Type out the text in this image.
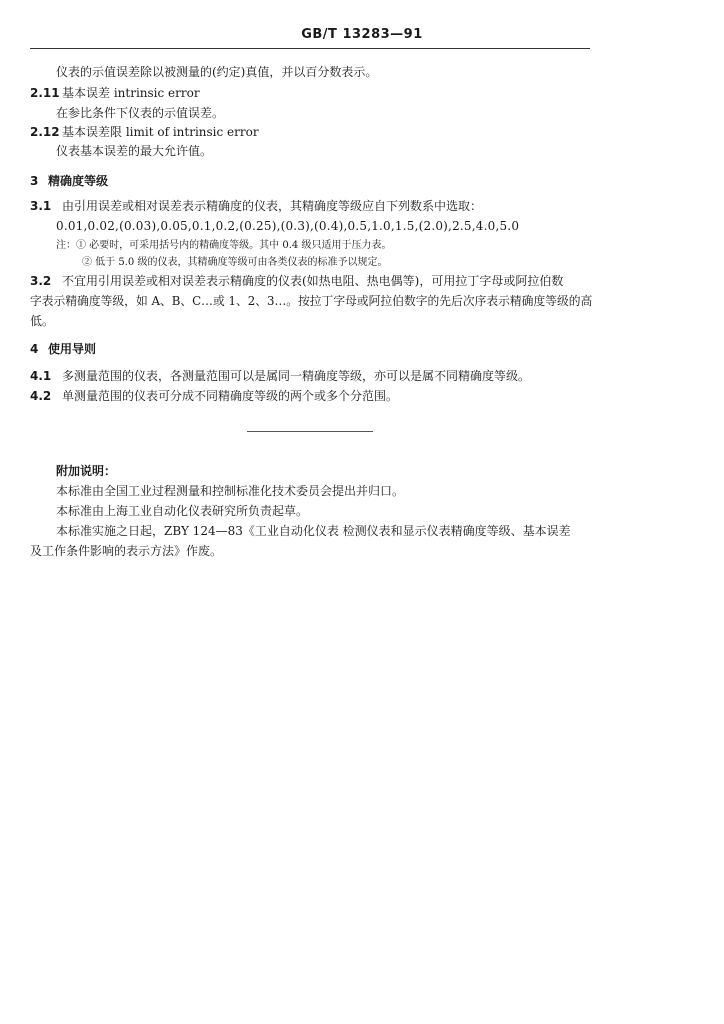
GB/T 13283—91
仪表的示值误差除以被测量的(约定)真值，并以百分数表示。
2.11 基本误差 intrinsic error
在参比条件下仪表的示值误差。
2.12 基本误差限 limit of intrinsic error
仪表基本误差的最大允许值。
3 精确度等级
3.1 由引用误差或相对误差表示精确度的仪表，其精确度等级应自下列数系中选取：
0.01,0.02,(0.03),0.05,0.1,0.2,(0.25),(0.3),(0.4),0.5,1.0,1.5,(2.0),2.5,4.0,5.0
注：① 必要时，可采用括号内的精确度等级。其中 0.4 级只适用于压力表。
② 低于 5.0 级的仪表，其精确度等级可由各类仪表的标准予以规定。
3.2 不宜用引用误差或相对误差表示精确度的仪表(如热电阻、热电偶等)，可用拉丁字母或阿拉伯数
字表示精确度等级，如 A、B、C…或 1、2、3…。按拉丁字母或阿拉伯数字的先后次序表示精确度等级的高
低。
4 使用导则
4.1 多测量范围的仪表，各测量范围可以是属同一精确度等级，亦可以是属不同精确度等级。
4.2 单测量范围的仪表可分成不同精确度等级的两个或多个分范围。
附加说明：
本标准由全国工业过程测量和控制标准化技术委员会提出并归口。
本标准由上海工业自动化仪表研究所负责起草。
本标准实施之日起，ZBY 124—83《工业自动化仪表 检测仪表和显示仪表精确度等级、基本误差
及工作条件影响的表示方法》作废。
